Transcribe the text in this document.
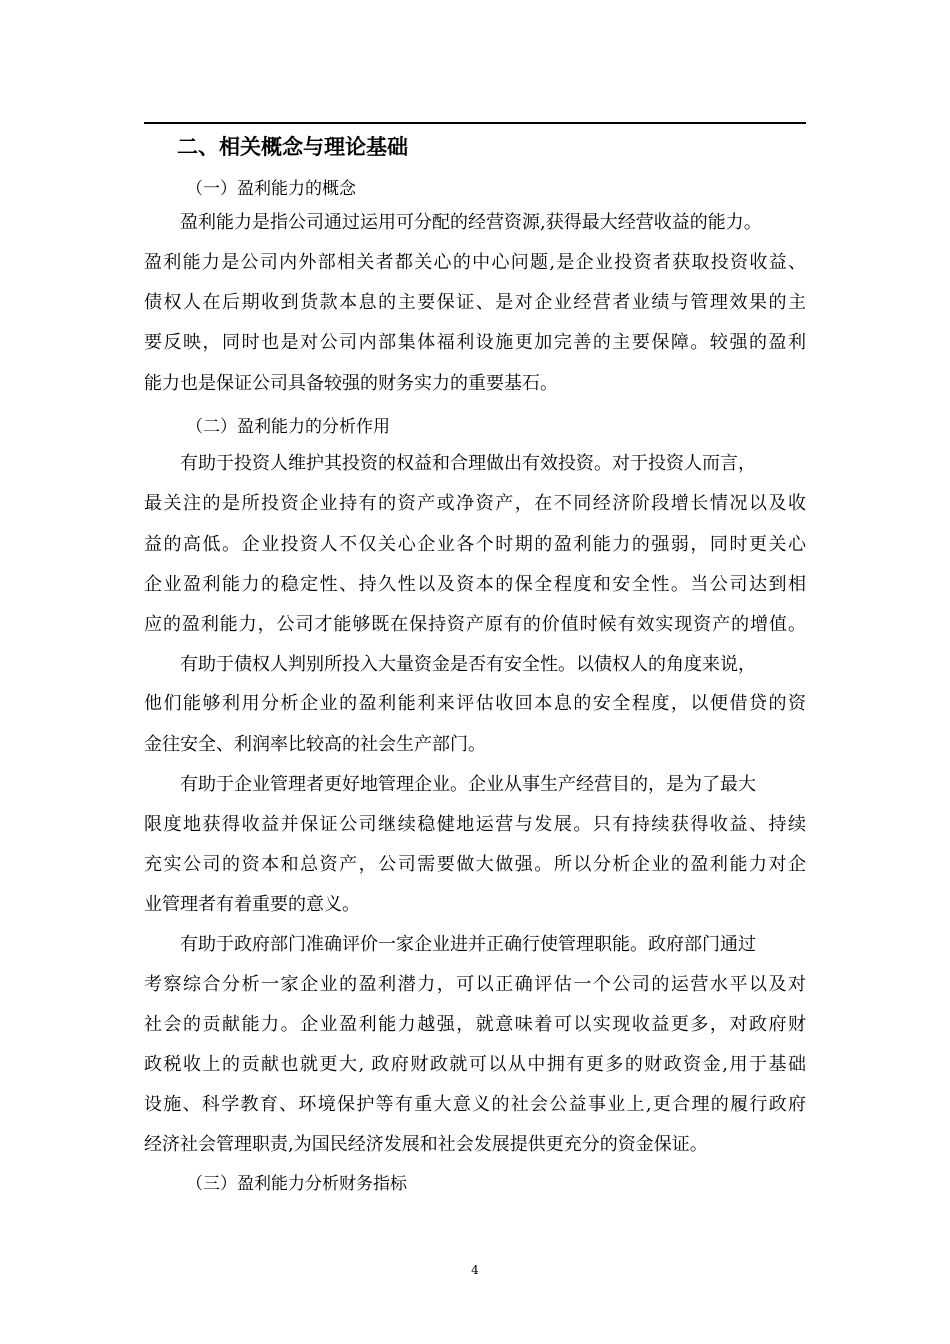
二、相关概念与理论基础
（一）盈利能力的概念
盈利能力是指公司通过运用可分配的经营资源,获得最大经营收益的能力。
盈利能力是公司内外部相关者都关心的中心问题,是企业投资者获取投资收益、
债权人在后期收到货款本息的主要保证、是对企业经营者业绩与管理效果的主
要反映，同时也是对公司内部集体福利设施更加完善的主要保障。较强的盈利
能力也是保证公司具备较强的财务实力的重要基石。
（二）盈利能力的分析作用
有助于投资人维护其投资的权益和合理做出有效投资。对于投资人而言，
最关注的是所投资企业持有的资产或净资产，在不同经济阶段增长情况以及收
益的高低。企业投资人不仅关心企业各个时期的盈利能力的强弱，同时更关心
企业盈利能力的稳定性、持久性以及资本的保全程度和安全性。当公司达到相
应的盈利能力，公司才能够既在保持资产原有的价值时候有效实现资产的增值。
有助于债权人判别所投入大量资金是否有安全性。以债权人的角度来说，
他们能够利用分析企业的盈利能利来评估收回本息的安全程度，以便借贷的资
金往安全、利润率比较高的社会生产部门。
有助于企业管理者更好地管理企业。企业从事生产经营目的，是为了最大
限度地获得收益并保证公司继续稳健地运营与发展。只有持续获得收益、持续
充实公司的资本和总资产，公司需要做大做强。所以分析企业的盈利能力对企
业管理者有着重要的意义。
有助于政府部门准确评价一家企业进并正确行使管理职能。政府部门通过
考察综合分析一家企业的盈利潜力，可以正确评估一个公司的运营水平以及对
社会的贡献能力。企业盈利能力越强，就意味着可以实现收益更多，对政府财
政税收上的贡献也就更大, 政府财政就可以从中拥有更多的财政资金,用于基础
设施、科学教育、环境保护等有重大意义的社会公益事业上,更合理的履行政府
经济社会管理职责,为国民经济发展和社会发展提供更充分的资金保证。
（三）盈利能力分析财务指标
4
